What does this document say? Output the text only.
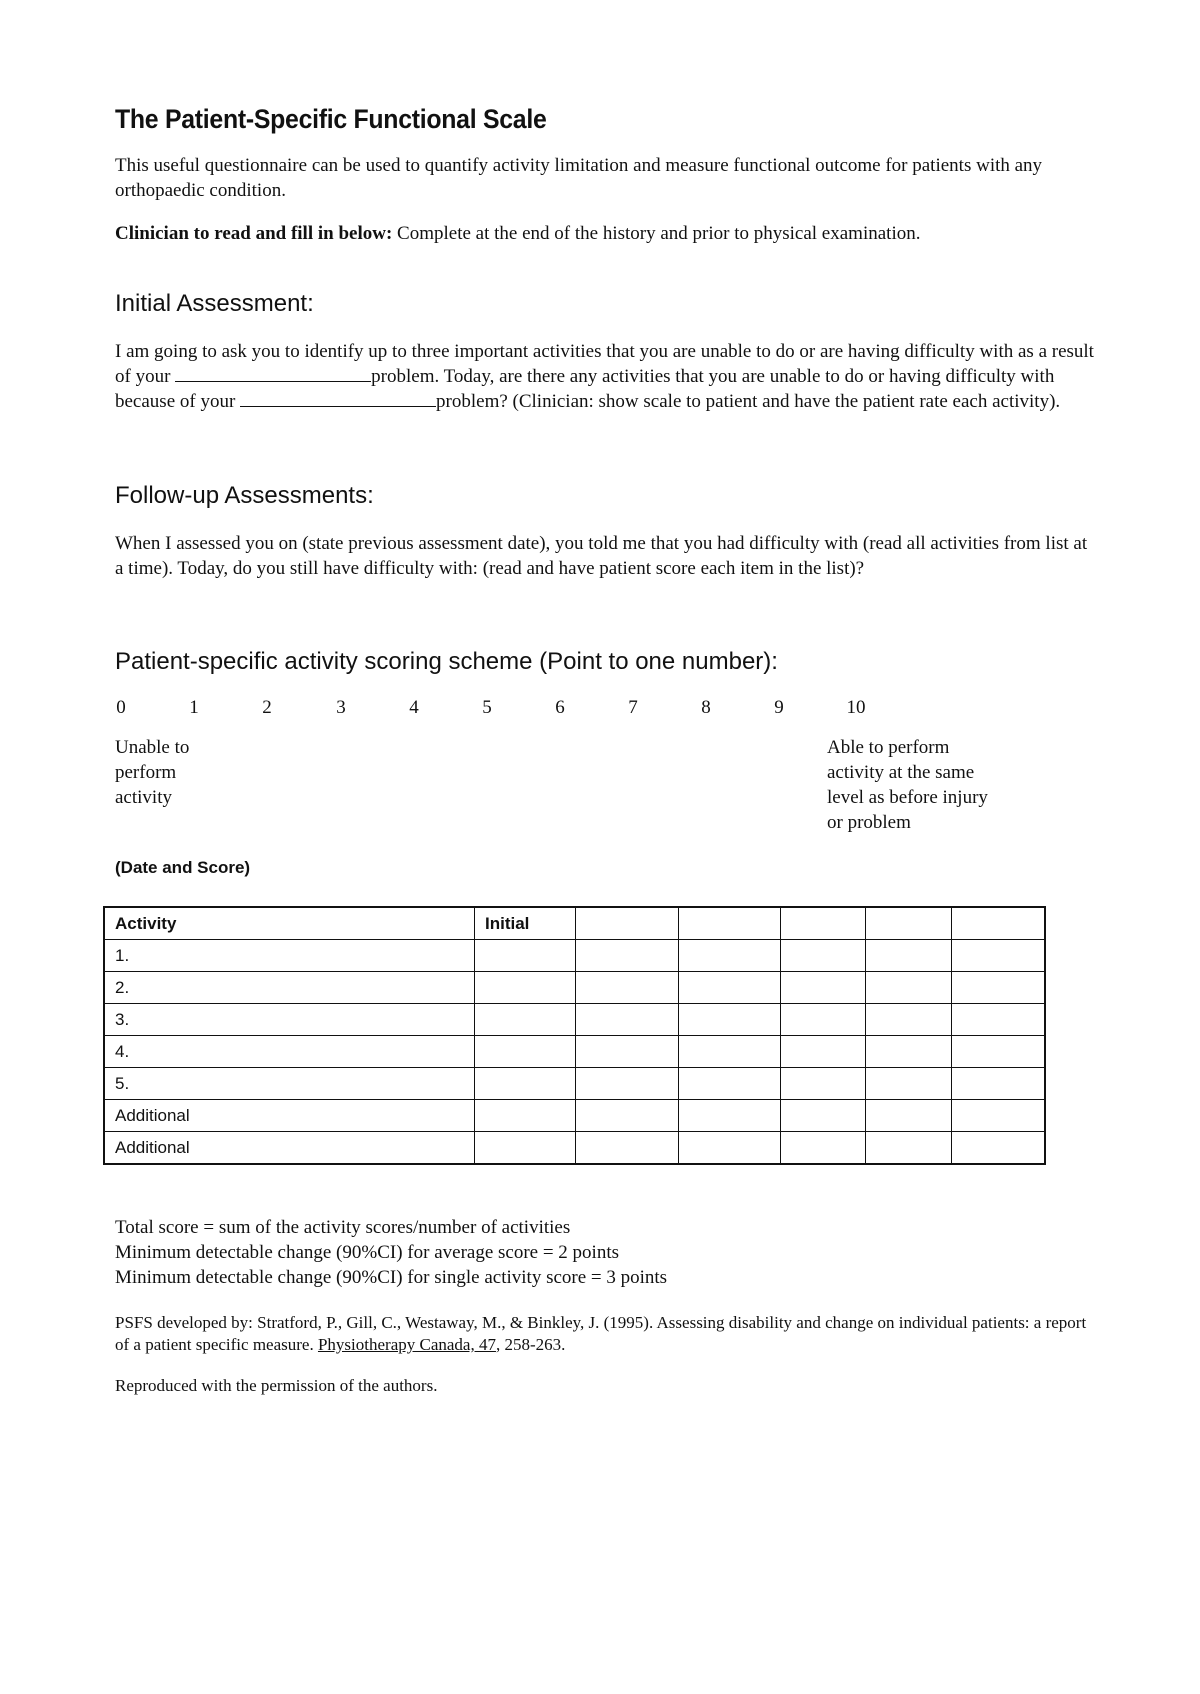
The Patient-Specific Functional Scale

This useful questionnaire can be used to quantify activity limitation and measure functional outcome for patients with any orthopaedic condition.

Clinician to read and fill in below: Complete at the end of the history and prior to physical examination.

Initial Assessment:

I am going to ask you to identify up to three important activities that you are unable to do or are having difficulty with as a result of your	problem. Today, are there any activities that you are unable to do or having difficulty with because of your	problem? (Clinician: show scale to patient and have the patient rate each activity).

Follow-up Assessments:

When I assessed you on (state previous assessment date), you told me that you had difficulty with (read all activities from list at a time). Today, do you still have difficulty with: (read and have patient score each item in the list)?

Patient-specific activity scoring scheme (Point to one number):
0	1	2	3	4	5	6	7	8	9	10

Unable to perform activity

Able to perform activity at the same level as before injury or problem

(Date and Score)

Activity	Initial					
1.						
2.						
3.						
4.						
5.						
Additional						
Additional						
Total score = sum of the activity scores/number of activities
Minimum detectable change (90%CI) for average score = 2 points
Minimum detectable change (90%CI) for single activity score = 3 points

PSFS developed by: Stratford, P., Gill, C., Westaway, M., & Binkley, J. (1995). Assessing disability and change on individual patients: a report of a patient specific measure. Physiotherapy Canada, 47, 258-263.

Reproduced with the permission of the authors.
